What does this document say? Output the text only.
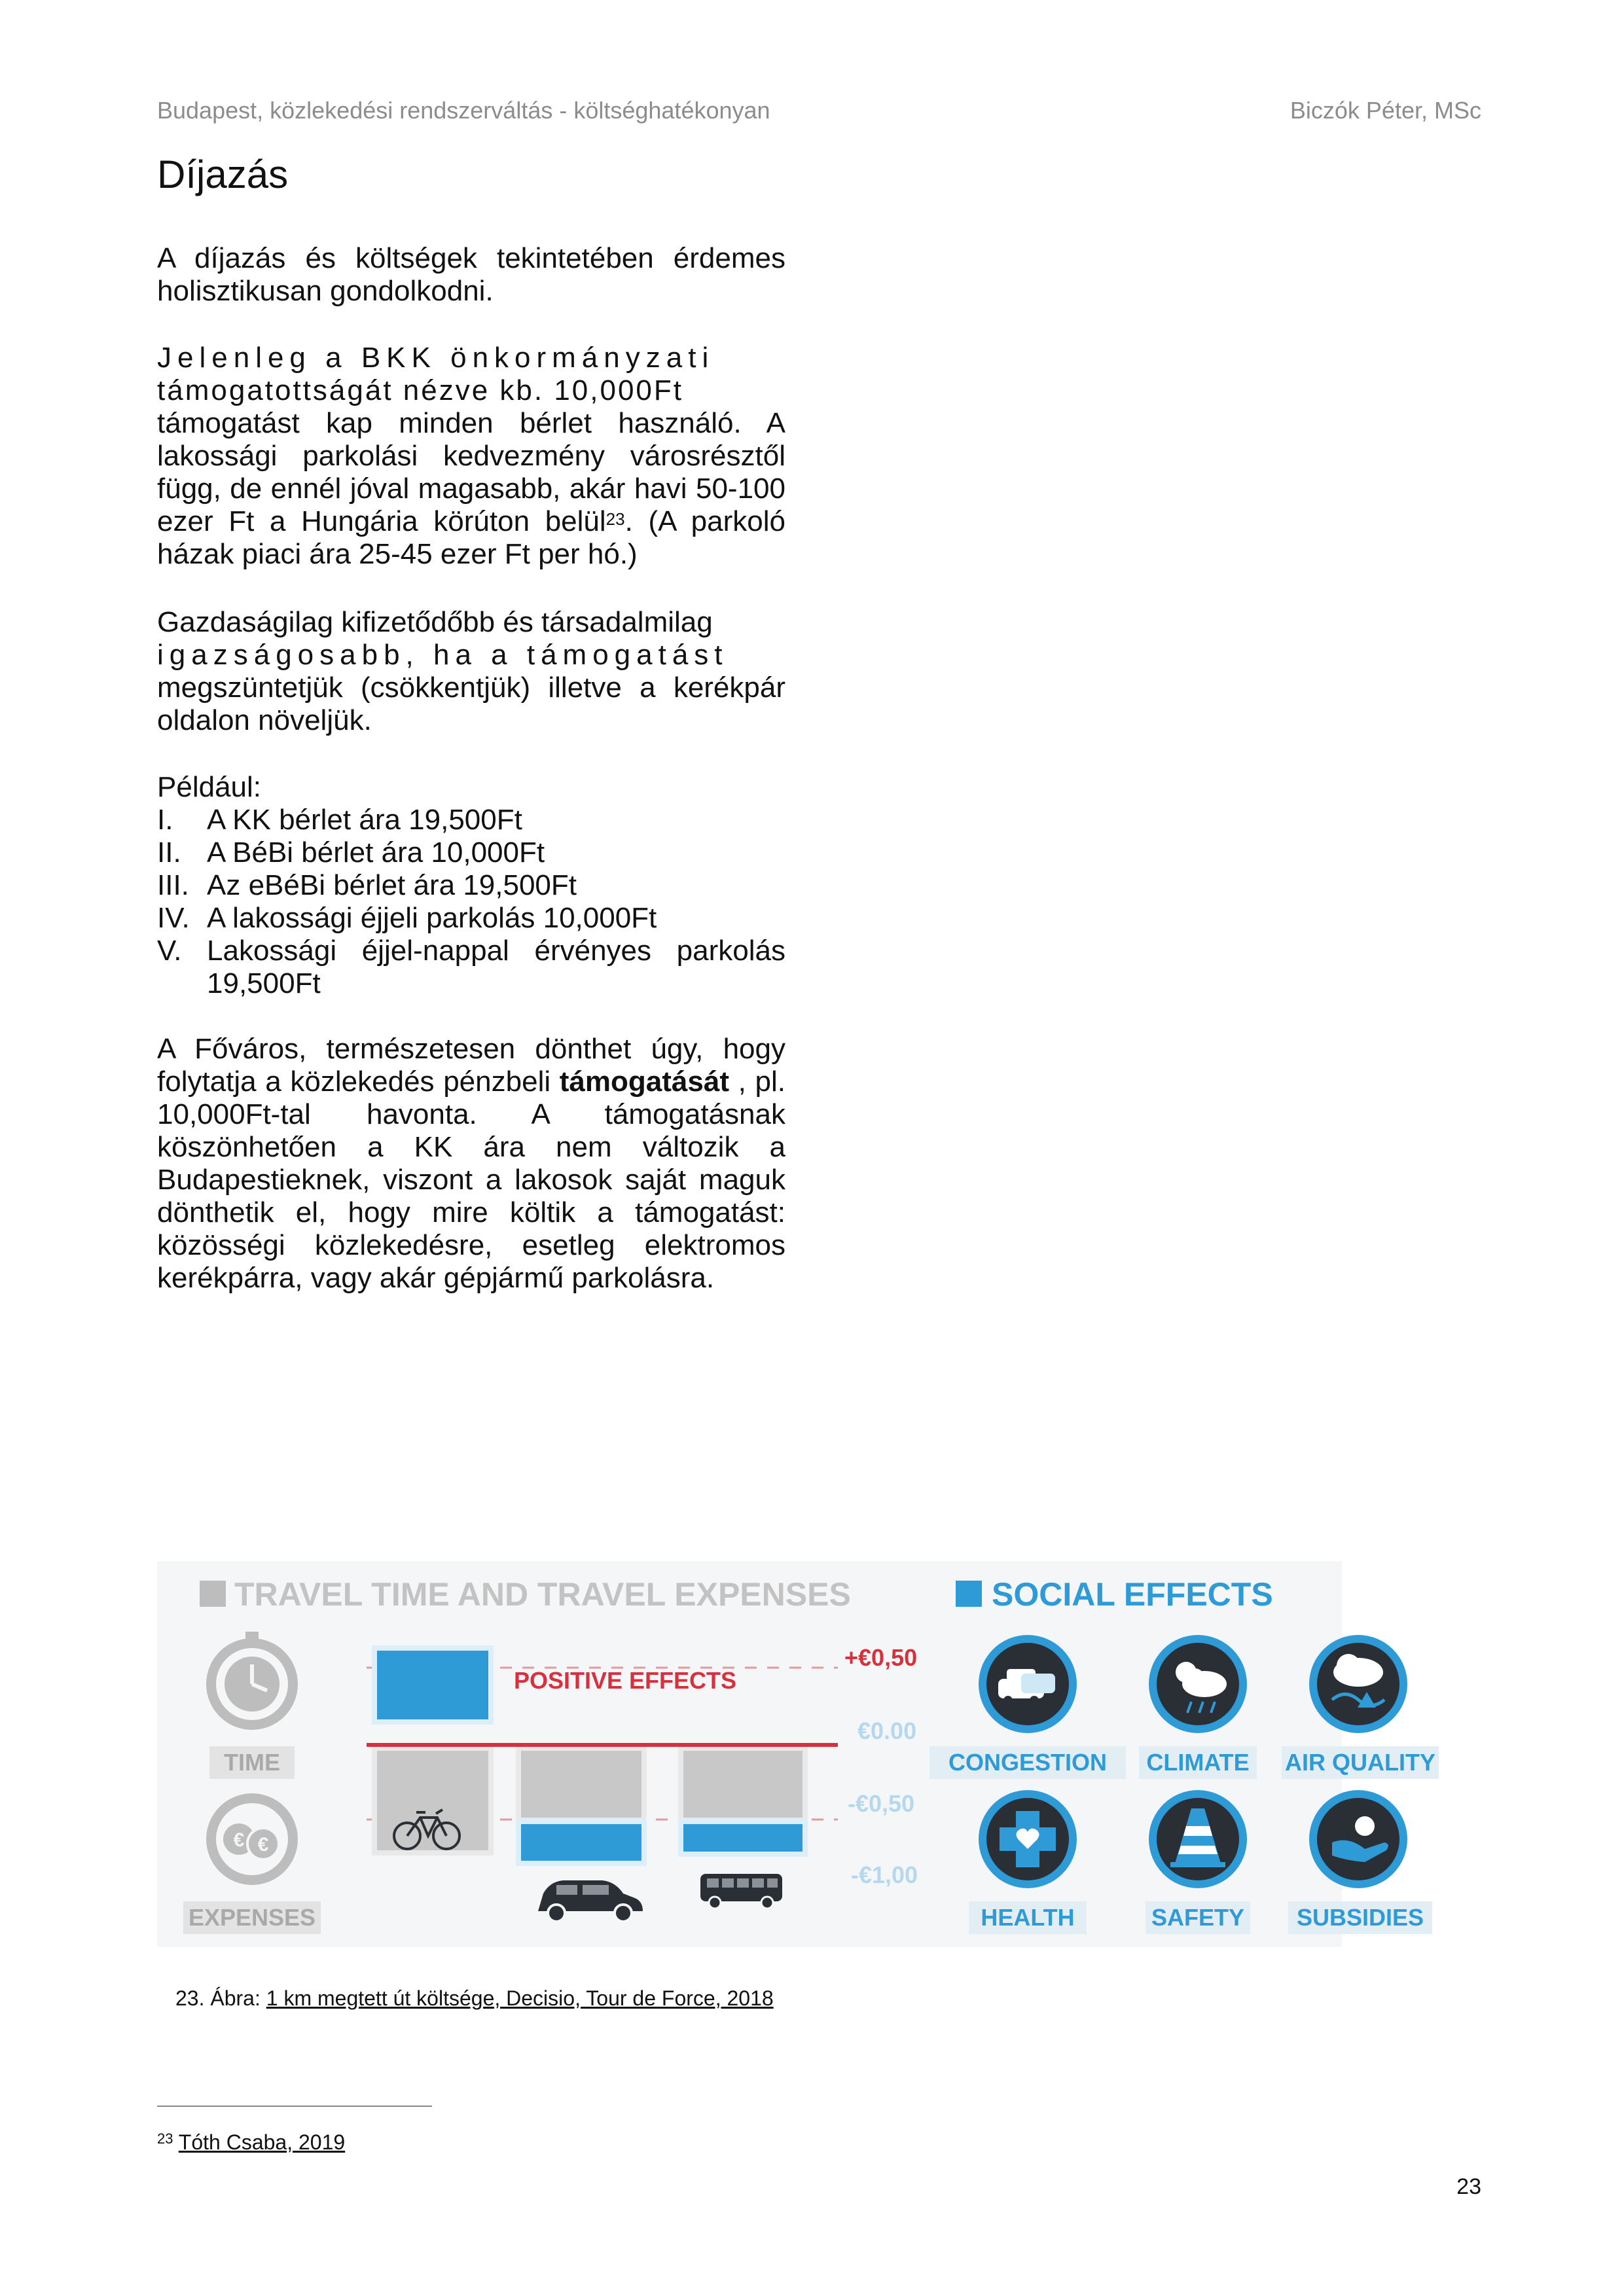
Budapest, közlekedési rendszerváltás - költséghatékonyan	Biczók Péter, MSc
Díjazás

A díjazás és költségek tekintetében érdemes holisztikusan gondolkodni.

Jelenleg a BKK önkormányzati

támogatottságát nézve kb. 10,000Ft

támogatást kap minden bérlet használó. A lakossági parkolási kedvezmény városrésztől függ, de ennél jóval magasabb, akár havi 50-100 ezer Ft a Hungária körúton belül$^{23}$. (A parkoló házak piaci ára 25-45 ezer Ft per hó.)

Gazdaságilag kifizetődőbb és társadalmilag

igazságosabb, ha a támogatást

megszüntetjük (csökkentjük) illetve a kerékpár oldalon növeljük.

Például:

I.	A KK bérlet ára 19,500Ft
II. A BéBi bérlet ára 10,000Ft
III. Az eBéBi bérlet ára 19,500Ft
IV. A lakossági éjjeli parkolás 10,000Ft
V. Lakossági éjjel-nappal érvényes parkolás 19,500Ft

A Főváros, természetesen dönthet úgy, hogy folytatja a közlekedés pénzbeli támogatását , pl. 10,000Ft-tal havonta. A támogatásnak köszönhetően a KK ára nem változik a Budapestieknek, viszont a lakosok saját maguk dönthetik el, hogy mire költik a támogatást: közösségi közlekedésre, esetleg elektromos kerékpárra, vagy akár gépjármű parkolásra.

TRAVEL TIME AND TRAVEL EXPENSES	SOCIAL EFFECTS
TIME
€ €
EXPENSES
POSITIVE EFFECTS
+€0,50
€0.00
-€0,50
-€1,00
CONGESTION CLIMATE AIR QUALITY
HEALTH	SAFETY SUBSIDIES
23. Ábra: 1 km megtett út költsége, Decisio, Tour de Force, 2018
$^{23}$ Tóth Csaba, 2019
23
